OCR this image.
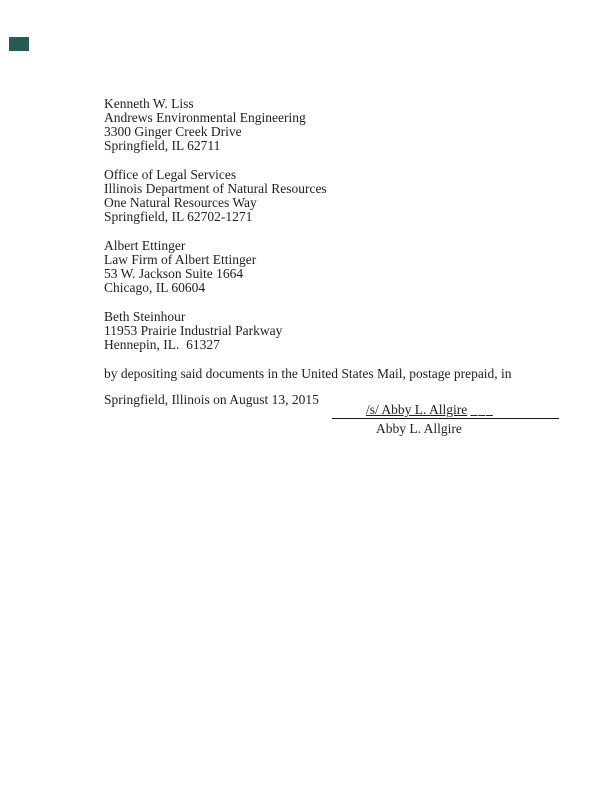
Kenneth W. Liss
Andrews Environmental Engineering
3300 Ginger Creek Drive
Springfield, IL 62711
Office of Legal Services
Illinois Department of Natural Resources
One Natural Resources Way
Springfield, IL 62702-1271
Albert Ettinger
Law Firm of Albert Ettinger
53 W. Jackson Suite 1664
Chicago, IL 60604
Beth Steinhour
11953 Prairie Industrial Parkway
Hennepin, IL.  61327
by depositing said documents in the United States Mail, postage prepaid, in
Springfield, Illinois on August 13, 2015
/s/ Abby L. Allgire ___
Abby L. Allgire
